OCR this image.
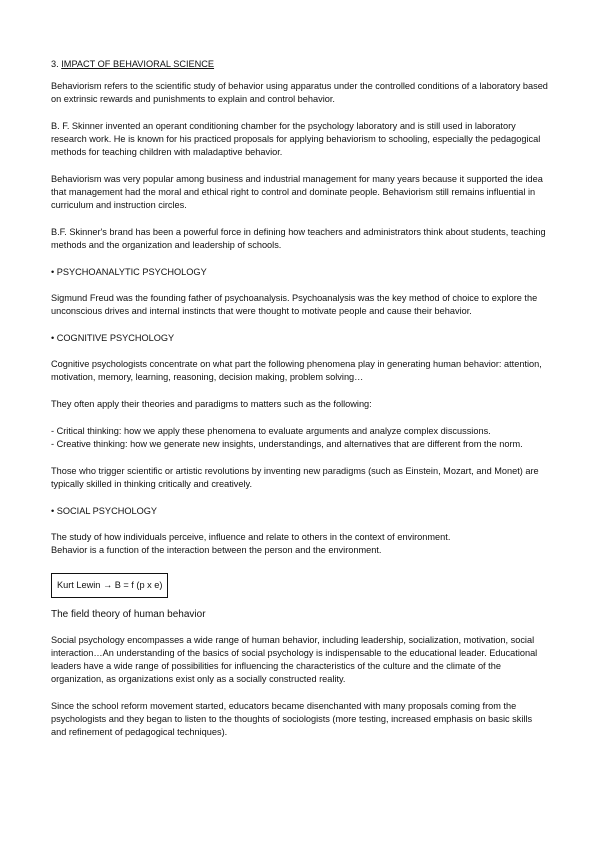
3. IMPACT OF BEHAVIORAL SCIENCE

Behaviorism refers to the scientific study of behavior using apparatus under the controlled conditions of a laboratory based on extrinsic rewards and punishments to explain and control behavior.

B. F. Skinner invented an operant conditioning chamber for the psychology laboratory and is still used in laboratory research work. He is known for his practiced proposals for applying behaviorism to schooling, especially the pedagogical methods for teaching children with maladaptive behavior.

Behaviorism was very popular among business and industrial management for many years because it supported the idea that management had the moral and ethical right to control and dominate people. Behaviorism still remains influential in curriculum and instruction circles.

B.F. Skinner's brand has been a powerful force in defining how teachers and administrators think about students, teaching methods and the organization and leadership of schools.

• PSYCHOANALYTIC PSYCHOLOGY

Sigmund Freud was the founding father of psychoanalysis. Psychoanalysis was the key method of choice to explore the unconscious drives and internal instincts that were thought to motivate people and cause their behavior.

• COGNITIVE PSYCHOLOGY

Cognitive psychologists concentrate on what part the following phenomena play in generating human behavior: attention, motivation, memory, learning, reasoning, decision making, problem solving…

They often apply their theories and paradigms to matters such as the following:

- Critical thinking: how we apply these phenomena to evaluate arguments and analyze complex discussions.

- Creative thinking: how we generate new insights, understandings, and alternatives that are different from the norm.

Those who trigger scientific or artistic revolutions by inventing new paradigms (such as Einstein, Mozart, and Monet) are typically skilled in thinking critically and creatively.

• SOCIAL PSYCHOLOGY
The study of how individuals perceive, influence and relate to others in the context of environment.

Behavior is a function of the interaction between the person and the environment.

Kurt Lewin → B = f (p x e)
The field theory of human behavior

Social psychology encompasses a wide range of human behavior, including leadership, socialization, motivation, social interaction…An understanding of the basics of social psychology is indispensable to the educational leader. Educational leaders have a wide range of possibilities for influencing the characteristics of the culture and the climate of the organization, as organizations exist only as a socially constructed reality.

Since the school reform movement started, educators became disenchanted with many proposals coming from the psychologists and they began to listen to the thoughts of sociologists (more testing, increased emphasis on basic skills and refinement of pedagogical techniques).
